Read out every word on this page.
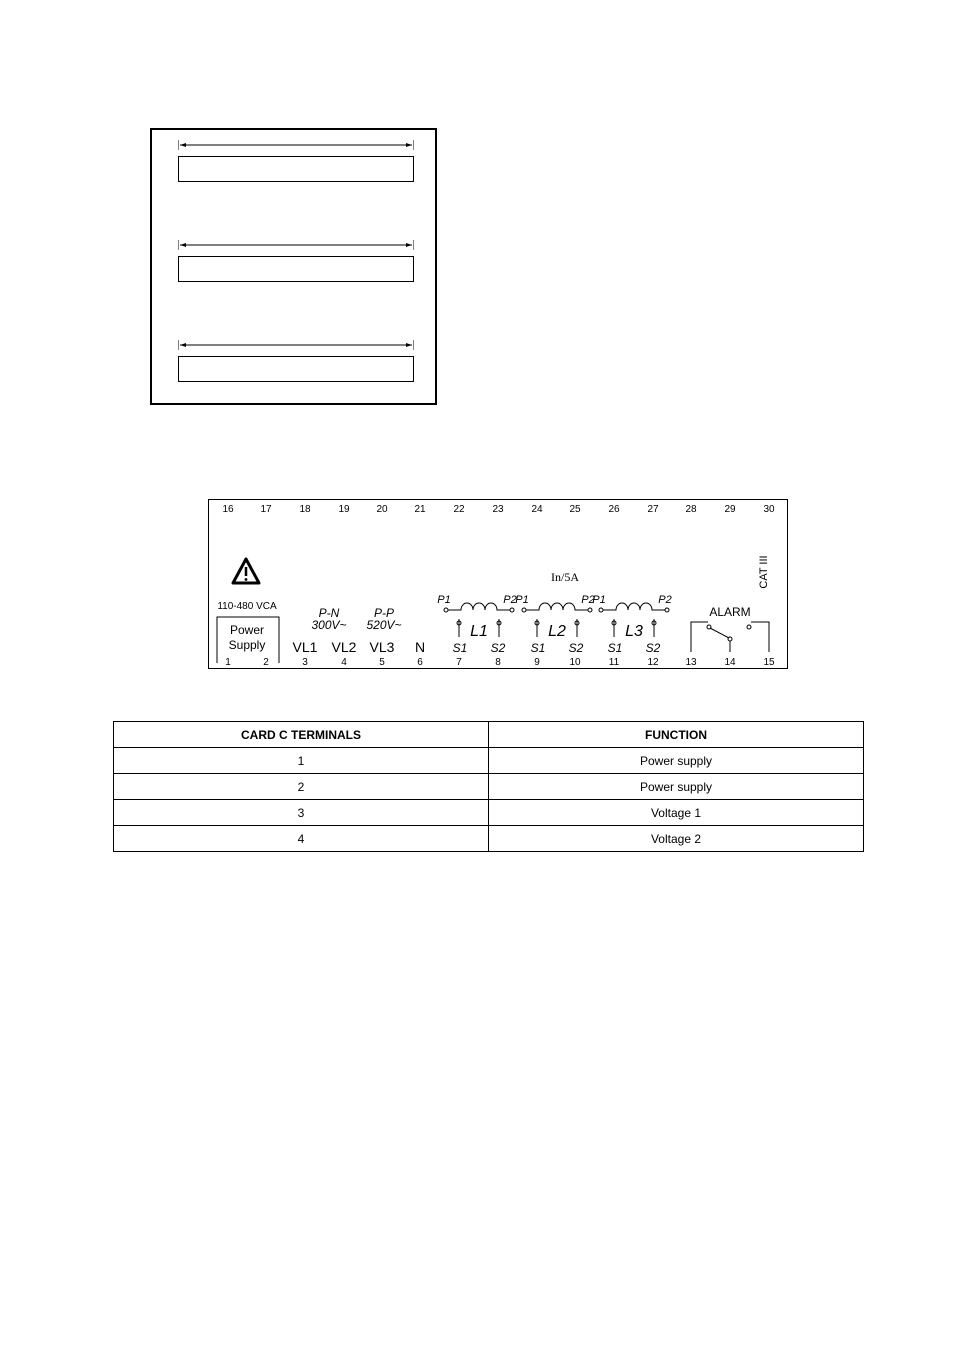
16	17	18	19	20	21	22	23	24	25	26	27	28	29	30
1	2	3	4	5	6	7	8	9	10	11	12	13	14	15
110-480 VCA
Power
Supply
P-N
300V~
P-P
520V~
VL1 VL2 VL3 N
In/5A
L1
P1	P2
S1 S2
L2
P1	P2
S1 S2
L3
P1	P2
S1 S2
ALARM
CAT III
CARD C TERMINALS	FUNCTION
1	Power supply
2	Power supply
3	Voltage 1
4	Voltage 2
